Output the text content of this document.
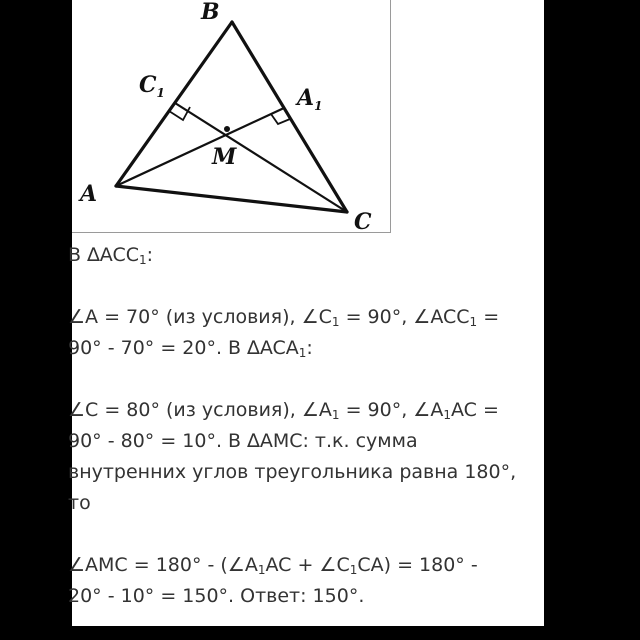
B
$C_1$	$A_1$
M
A
C
В $\Delta ACC_1$:
∠A = 70° (из условия), $\angle C_1 = 90^\circ$, $\angle ACC_1$ =
90° - 70° = 20°. В $\Delta ACA_1$:
∠C = 80° (из условия), $\angle A_1 = 90^\circ$, $\angle A_1AC$ =
90° - 80° = 10°. В ∆AMC: т.к. сумма
внутренних углов треугольника равна 180°,
то
∠AMC = $180^\circ - (\angle A_1AC$ + $\angle C_1CA) = 180^\circ$ -
20° - 10° = 150°. Ответ: 150°.
